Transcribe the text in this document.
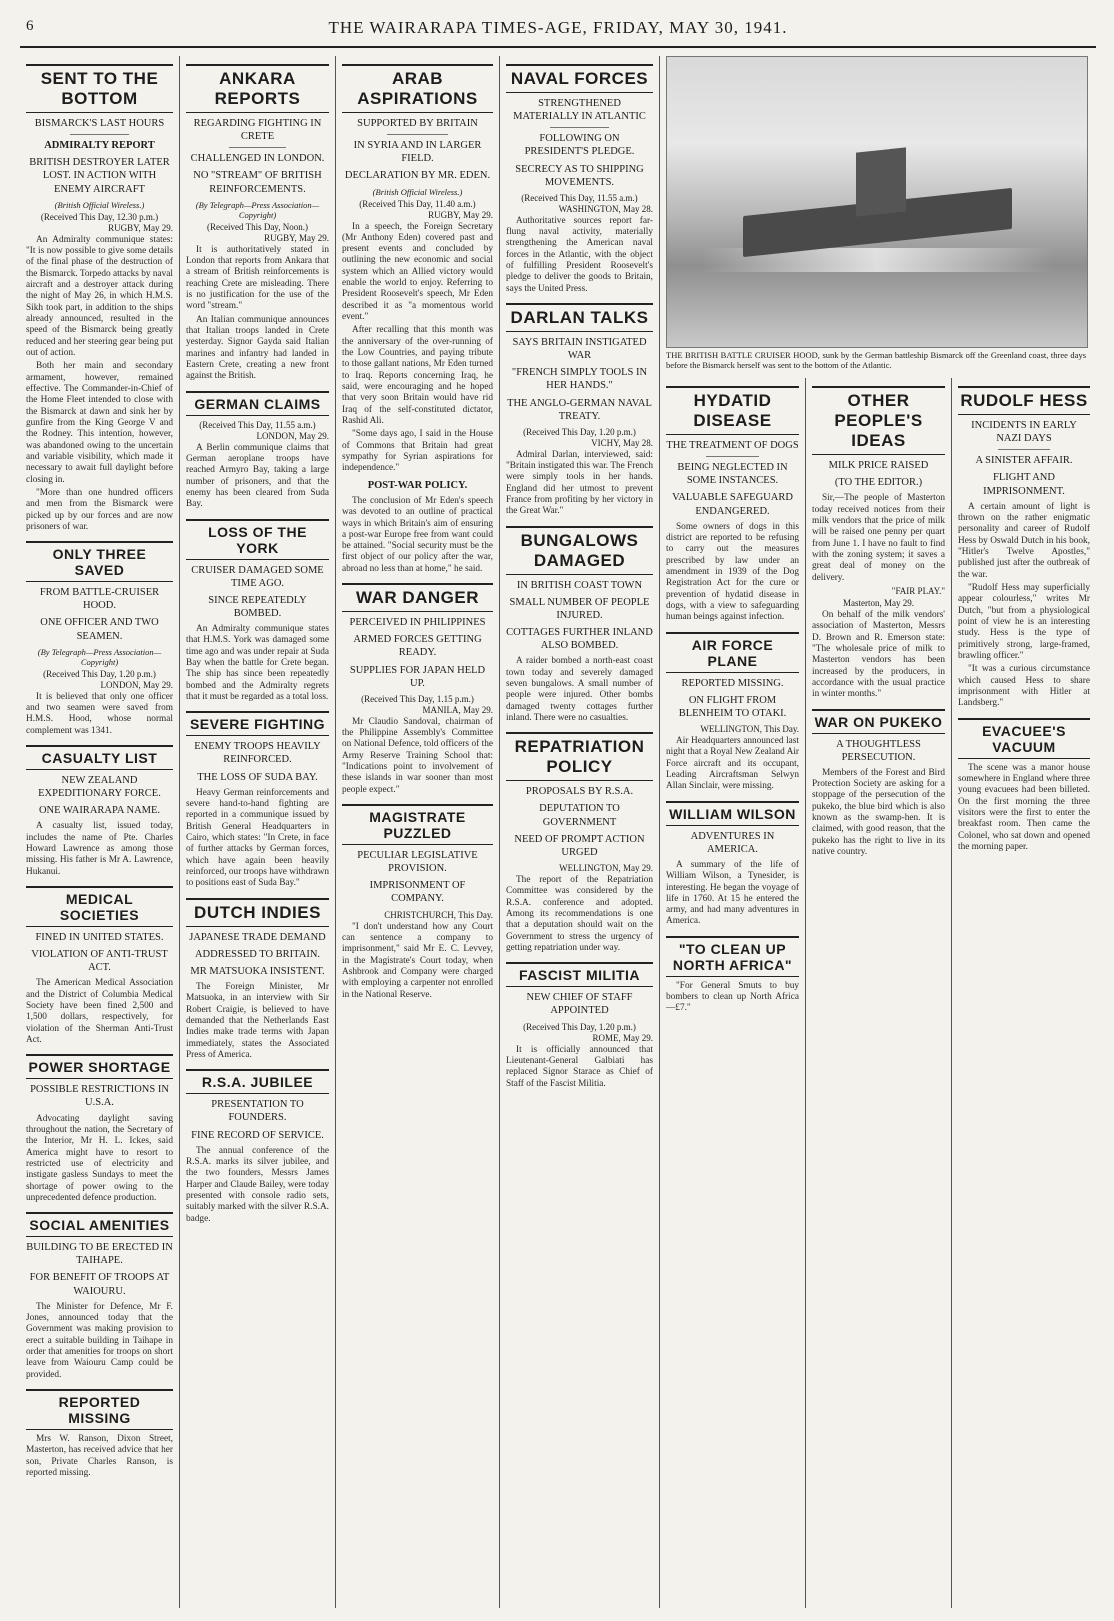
6	THE WAIRARAPA TIMES-AGE, FRIDAY, MAY 30, 1941.
SENT TO THE BOTTOM
BISMARCK'S LAST HOURS
ADMIRALTY REPORT
BRITISH DESTROYER LATER LOST. IN ACTION WITH ENEMY AIRCRAFT
(British Official Wireless.)
(Received This Day, 12.30 p.m.)
RUGBY, May 29.

An Admiralty communique states: "It is now possible to give some details of the final phase of the destruction of the Bismarck. Torpedo attacks by naval aircraft and a destroyer attack during the night of May 26, in which H.M.S. Sikh took part, in addition to the ships already announced, resulted in the speed of the Bismarck being greatly reduced and her steering gear being put out of action.

Both her main and secondary armament, however, remained effective. The Commander-in-Chief of the Home Fleet intended to close with the Bismarck at dawn and sink her by gunfire from the King George V and the Rodney. This intention, however, was abandoned owing to the uncertain and variable visibility, which made it necessary to await full daylight before closing in.

"More than one hundred officers and men from the Bismarck were picked up by our forces and are now prisoners of war.

ONLY THREE SAVED
FROM BATTLE-CRUISER HOOD.
ONE OFFICER AND TWO SEAMEN.
(By Telegraph—Press Association—Copyright)
(Received This Day, 1.20 p.m.)
LONDON, May 29.

It is believed that only one officer and two seamen were saved from H.M.S. Hood, whose normal complement was 1341.

CASUALTY LIST
NEW ZEALAND EXPEDITIONARY FORCE.
ONE WAIRARAPA NAME.

A casualty list, issued today, includes the name of Pte. Charles Howard Lawrence as among those missing. His father is Mr A. Lawrence, Hukanui.

MEDICAL SOCIETIES
FINED IN UNITED STATES.
VIOLATION OF ANTI-TRUST ACT.

The American Medical Association and the District of Columbia Medical Society have been fined 2,500 and 1,500 dollars, respectively, for violation of the Sherman Anti-Trust Act.

POWER SHORTAGE
POSSIBLE RESTRICTIONS IN U.S.A.

Advocating daylight saving throughout the nation, the Secretary of the Interior, Mr H. L. Ickes, said America might have to resort to restricted use of electricity and instigate gasless Sundays to meet the shortage of power owing to the unprecedented defence production.

SOCIAL AMENITIES
BUILDING TO BE ERECTED IN TAIHAPE.
FOR BENEFIT OF TROOPS AT WAIOURU.

The Minister for Defence, Mr F. Jones, announced today that the Government was making provision to erect a suitable building in Taihape in order that amenities for troops on short leave from Waiouru Camp could be provided.

REPORTED MISSING

Mrs W. Ranson, Dixon Street, Masterton, has received advice that her son, Private Charles Ranson, is reported missing.

ANKARA REPORTS
REGARDING FIGHTING IN CRETE
CHALLENGED IN LONDON.
NO "STREAM" OF BRITISH REINFORCEMENTS.
(By Telegraph—Press Association—Copyright)
(Received This Day, Noon.)
RUGBY, May 29.

It is authoritatively stated in London that reports from Ankara that a stream of British reinforcements is reaching Crete are misleading. There is no justification for the use of the word "stream."

An Italian communique announces that Italian troops landed in Crete yesterday. Signor Gayda said Italian marines and infantry had landed in Eastern Crete, creating a new front against the British.

GERMAN CLAIMS
(Received This Day, 11.55 a.m.)
LONDON, May 29.

A Berlin communique claims that German aeroplane troops have reached Armyro Bay, taking a large number of prisoners, and that the enemy has been cleared from Suda Bay.

LOSS OF THE YORK
CRUISER DAMAGED SOME TIME AGO.
SINCE REPEATEDLY BOMBED.

An Admiralty communique states that H.M.S. York was damaged some time ago and was under repair at Suda Bay when the battle for Crete began. The ship has since been repeatedly bombed and the Admiralty regrets that it must be regarded as a total loss.

SEVERE FIGHTING
ENEMY TROOPS HEAVILY REINFORCED.
THE LOSS OF SUDA BAY.

Heavy German reinforcements and severe hand-to-hand fighting are reported in a communique issued by British General Headquarters in Cairo, which states: "In Crete, in face of further attacks by German forces, which have again been heavily reinforced, our troops have withdrawn to positions east of Suda Bay."

DUTCH INDIES
JAPANESE TRADE DEMAND
ADDRESSED TO BRITAIN.
MR MATSUOKA INSISTENT.

The Foreign Minister, Mr Matsuoka, in an interview with Sir Robert Craigie, is believed to have demanded that the Netherlands East Indies make trade terms with Japan immediately, states the Associated Press of America.

R.S.A. JUBILEE
PRESENTATION TO FOUNDERS.
FINE RECORD OF SERVICE.

The annual conference of the R.S.A. marks its silver jubilee, and the two founders, Messrs James Harper and Claude Bailey, were today presented with console radio sets, suitably marked with the silver R.S.A. badge.

ARAB ASPIRATIONS
SUPPORTED BY BRITAIN
IN SYRIA AND IN LARGER FIELD.
DECLARATION BY MR. EDEN.
(British Official Wireless.)
(Received This Day, 11.40 a.m.)
RUGBY, May 29.

In a speech, the Foreign Secretary (Mr Anthony Eden) covered past and present events and concluded by outlining the new economic and social system which an Allied victory would enable the world to enjoy. Referring to President Roosevelt's speech, Mr Eden described it as "a momentous world event."

After recalling that this month was the anniversary of the over-running of the Low Countries, and paying tribute to those gallant nations, Mr Eden turned to Iraq. Reports concerning Iraq, he said, were encouraging and he hoped that very soon Britain would have rid Iraq of the self-constituted dictator, Rashid Ali.

"Some days ago, I said in the House of Commons that Britain had great sympathy for Syrian aspirations for independence."

POST-WAR POLICY.

The conclusion of Mr Eden's speech was devoted to an outline of practical ways in which Britain's aim of ensuring a post-war Europe free from want could be attained. "Social security must be the first object of our policy after the war, abroad no less than at home," he said.

WAR DANGER
PERCEIVED IN PHILIPPINES
ARMED FORCES GETTING READY.
SUPPLIES FOR JAPAN HELD UP.
(Received This Day, 1.15 p.m.)
MANILA, May 29.

Mr Claudio Sandoval, chairman of the Philippine Assembly's Committee on National Defence, told officers of the Army Reserve Training School that: "Indications point to involvement of these islands in war sooner than most people expect."

MAGISTRATE PUZZLED
PECULIAR LEGISLATIVE PROVISION.
IMPRISONMENT OF COMPANY.
CHRISTCHURCH, This Day.

"I don't understand how any Court can sentence a company to imprisonment," said Mr E. C. Levvey, in the Magistrate's Court today, when Ashbrook and Company were charged with employing a carpenter not enrolled in the National Reserve.

NAVAL FORCES
STRENGTHENED MATERIALLY IN ATLANTIC
FOLLOWING ON PRESIDENT'S PLEDGE.
SECRECY AS TO SHIPPING MOVEMENTS.
(Received This Day, 11.55 a.m.)
WASHINGTON, May 28.

Authoritative sources report far-flung naval activity, materially strengthening the American naval forces in the Atlantic, with the object of fulfilling President Roosevelt's pledge to deliver the goods to Britain, says the United Press.

DARLAN TALKS
SAYS BRITAIN INSTIGATED WAR
"FRENCH SIMPLY TOOLS IN HER HANDS."
THE ANGLO-GERMAN NAVAL TREATY.
(Received This Day, 1.20 p.m.)
VICHY, May 28.

Admiral Darlan, interviewed, said: "Britain instigated this war. The French were simply tools in her hands. England did her utmost to prevent France from profiting by her victory in the Great War."

BUNGALOWS DAMAGED
IN BRITISH COAST TOWN
SMALL NUMBER OF PEOPLE INJURED.
COTTAGES FURTHER INLAND ALSO BOMBED.

A raider bombed a north-east coast town today and severely damaged seven bungalows. A small number of people were injured. Other bombs damaged twenty cottages further inland. There were no casualties.

REPATRIATION POLICY
PROPOSALS BY R.S.A.
DEPUTATION TO GOVERNMENT
NEED OF PROMPT ACTION URGED
WELLINGTON, May 29.

The report of the Repatriation Committee was considered by the R.S.A. conference and adopted. Among its recommendations is one that a deputation should wait on the Government to stress the urgency of getting repatriation under way.

FASCIST MILITIA
NEW CHIEF OF STAFF APPOINTED
(Received This Day, 1.20 p.m.)
ROME, May 29.

It is officially announced that Lieutenant-General Galbiati has replaced Signor Starace as Chief of Staff of the Fascist Militia.

THE BRITISH BATTLE CRUISER HOOD, sunk by the German battleship Bismarck off the Greenland coast, three days before the Bismarck herself was sent to the bottom of the Atlantic.
HYDATID DISEASE
THE TREATMENT OF DOGS
BEING NEGLECTED IN SOME INSTANCES.
VALUABLE SAFEGUARD ENDANGERED.

Some owners of dogs in this district are reported to be refusing to carry out the measures prescribed by law under an amendment in 1939 of the Dog Registration Act for the cure or prevention of hydatid disease in dogs, with a view to safeguarding human beings against infection.

AIR FORCE PLANE
REPORTED MISSING.
ON FLIGHT FROM BLENHEIM TO OTAKI.
WELLINGTON, This Day.

Air Headquarters announced last night that a Royal New Zealand Air Force aircraft and its occupant, Leading Aircraftsman Selwyn Allan Sinclair, were missing.

WILLIAM WILSON
ADVENTURES IN AMERICA.

A summary of the life of William Wilson, a Tynesider, is interesting. He began the voyage of life in 1760. At 15 he entered the army, and had many adventures in America.

"TO CLEAN UP NORTH AFRICA"

"For General Smuts to buy bombers to clean up North Africa—£7."

OTHER PEOPLE'S IDEAS
MILK PRICE RAISED
(TO THE EDITOR.)

Sir,—The people of Masterton today received notices from their milk vendors that the price of milk will be raised one penny per quart from June 1. I have no fault to find with the zoning system; it saves a great deal of money on the delivery.

"FAIR PLAY."
Masterton, May 29.

On behalf of the milk vendors' association of Masterton, Messrs D. Brown and R. Emerson state: "The wholesale price of milk to Masterton vendors has been increased by the producers, in accordance with the usual practice in winter months."

WAR ON PUKEKO
A THOUGHTLESS PERSECUTION.

Members of the Forest and Bird Protection Society are asking for a stoppage of the persecution of the pukeko, the blue bird which is also known as the swamp-hen. It is claimed, with good reason, that the pukeko has the right to live in its native country.

RUDOLF HESS
INCIDENTS IN EARLY NAZI DAYS
A SINISTER AFFAIR.
FLIGHT AND IMPRISONMENT.

A certain amount of light is thrown on the rather enigmatic personality and career of Rudolf Hess by Oswald Dutch in his book, "Hitler's Twelve Apostles," published just after the outbreak of the war.

"Rudolf Hess may superficially appear colourless," writes Mr Dutch, "but from a physiological point of view he is an interesting study. Hess is the type of primitively strong, large-framed, brawling officer."

"It was a curious circumstance which caused Hess to share imprisonment with Hitler at Landsberg."

EVACUEE'S VACUUM

The scene was a manor house somewhere in England where three young evacuees had been billeted. On the first morning the three visitors were the first to enter the breakfast room. Then came the Colonel, who sat down and opened the morning paper.
